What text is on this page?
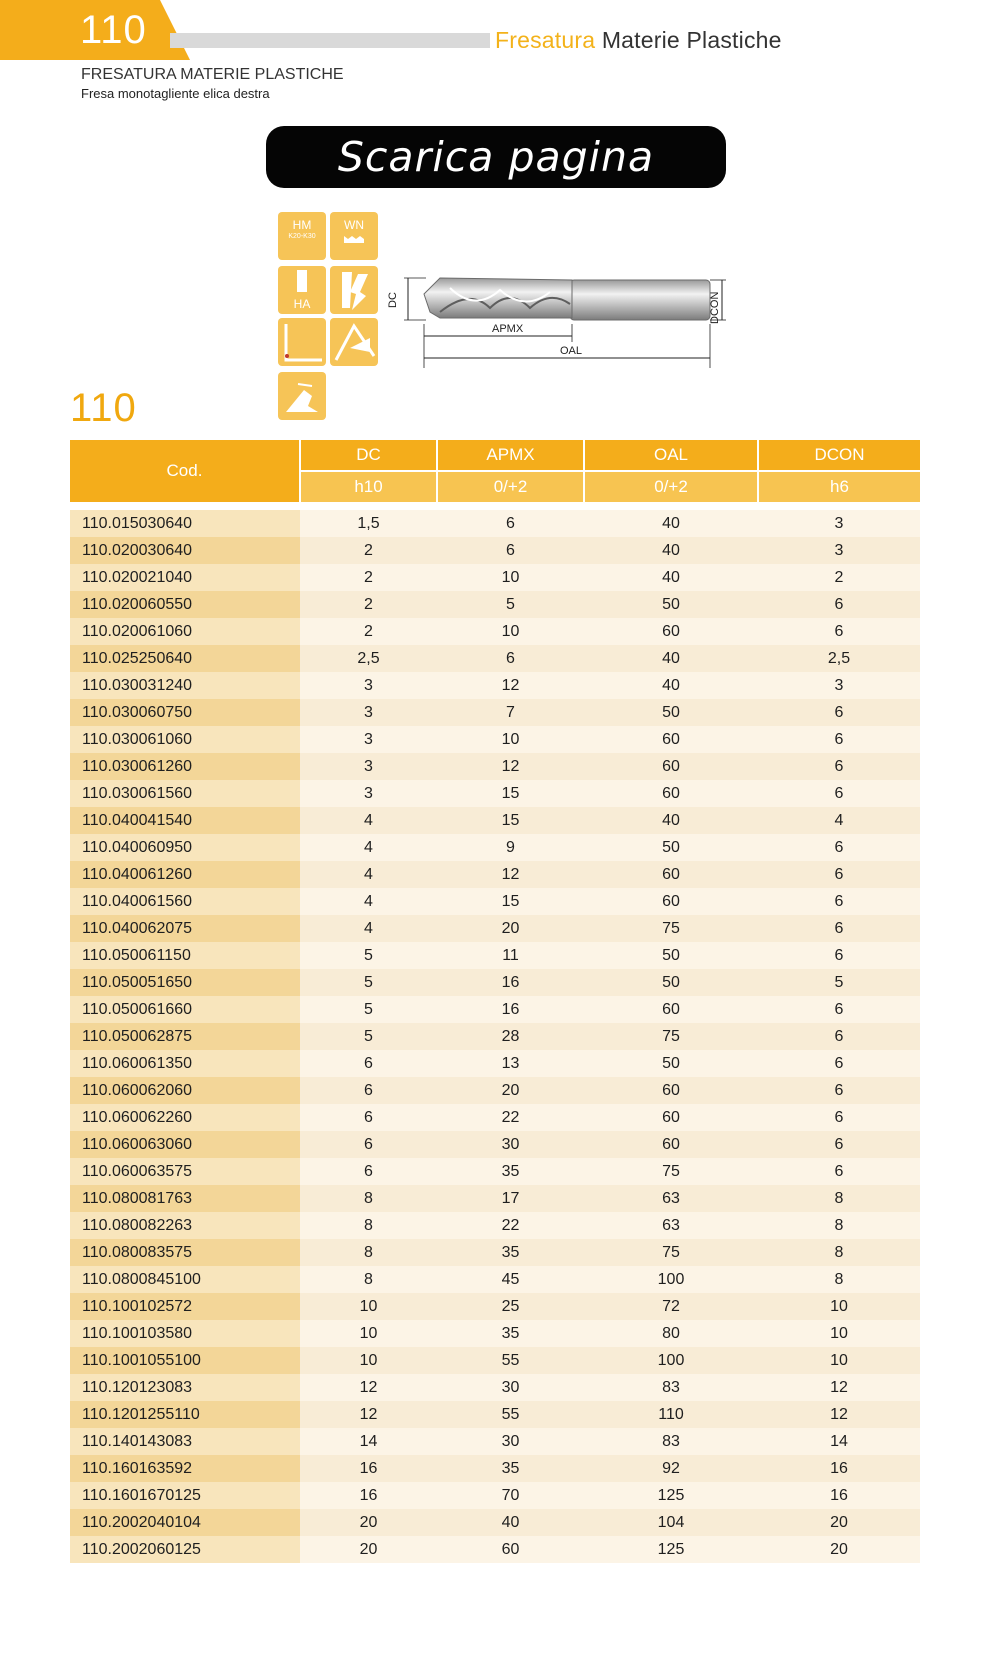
110	Fresatura Materie Plastiche
FRESATURA MATERIE PLASTICHE
Fresa monotagliente elica destra
Scarica pagina
HM
K20-K30
WN
HA	DC	DCON
APMX
OAL
110
Cod.	DC	APMX	OAL	DCON
	h10	0/+2	0/+2	h6

110.015030640	1,5	6	40	3
110.020030640	2	6	40	3
110.020021040	2	10	40	2
110.020060550	2	5	50	6
110.020061060	2	10	60	6
110.025250640	2,5	6	40	2,5
110.030031240	3	12	40	3
110.030060750	3	7	50	6
110.030061060	3	10	60	6
110.030061260	3	12	60	6
110.030061560	3	15	60	6
110.040041540	4	15	40	4
110.040060950	4	9	50	6
110.040061260	4	12	60	6
110.040061560	4	15	60	6
110.040062075	4	20	75	6
110.050061150	5	11	50	6
110.050051650	5	16	50	5
110.050061660	5	16	60	6
110.050062875	5	28	75	6
110.060061350	6	13	50	6
110.060062060	6	20	60	6
110.060062260	6	22	60	6
110.060063060	6	30	60	6
110.060063575	6	35	75	6
110.080081763	8	17	63	8
110.080082263	8	22	63	8
110.080083575	8	35	75	8
110.0800845100	8	45	100	8
110.100102572	10	25	72	10
110.100103580	10	35	80	10
110.1001055100	10	55	100	10
110.120123083	12	30	83	12
110.1201255110	12	55	110	12
110.140143083	14	30	83	14
110.160163592	16	35	92	16
110.1601670125	16	70	125	16
110.2002040104	20	40	104	20
110.2002060125	20	60	125	20
